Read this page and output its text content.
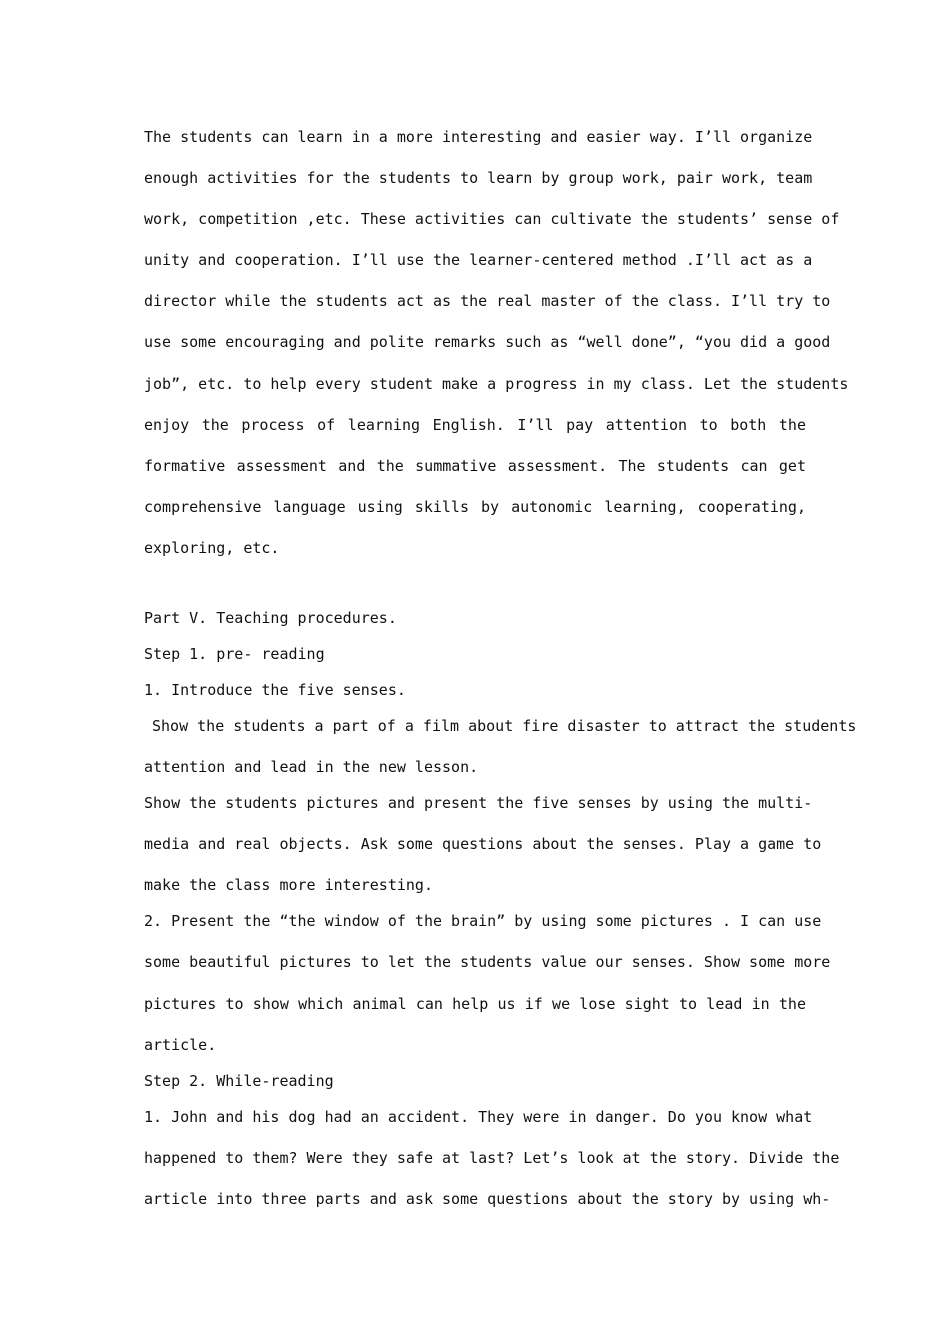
The students can learn in a more interesting and easier way. I’ll organize
enough activities for the students to learn by group work, pair work, team
work, competition ,etc. These activities can cultivate the students’ sense of
unity and cooperation. I’ll use the learner-centered method .I’ll act as a
director while the students act as the real master of the class. I’ll try to
use some encouraging and polite remarks such as “well done”, “you did a good
job”, etc. to help every student make a progress in my class. Let the students
enjoy the process of learning English. I’ll pay attention to both the
formative assessment and the summative assessment. The students can get
comprehensive language using skills by autonomic learning, cooperating,
exploring, etc.
Part V. Teaching procedures.
Step 1. pre- reading
1. Introduce the five senses.
Show the students a part of a film about fire disaster to attract the students
attention and lead in the new lesson.
Show the students pictures and present the five senses by using the multi-
media and real objects. Ask some questions about the senses. Play a game to
make the class more interesting.
2. Present the “the window of the brain” by using some pictures . I can use
some beautiful pictures to let the students value our senses. Show some more
pictures to show which animal can help us if we lose sight to lead in the
article.
Step 2. While-reading
1. John and his dog had an accident. They were in danger. Do you know what
happened to them? Were they safe at last? Let’s look at the story. Divide the
article into three parts and ask some questions about the story by using wh-
